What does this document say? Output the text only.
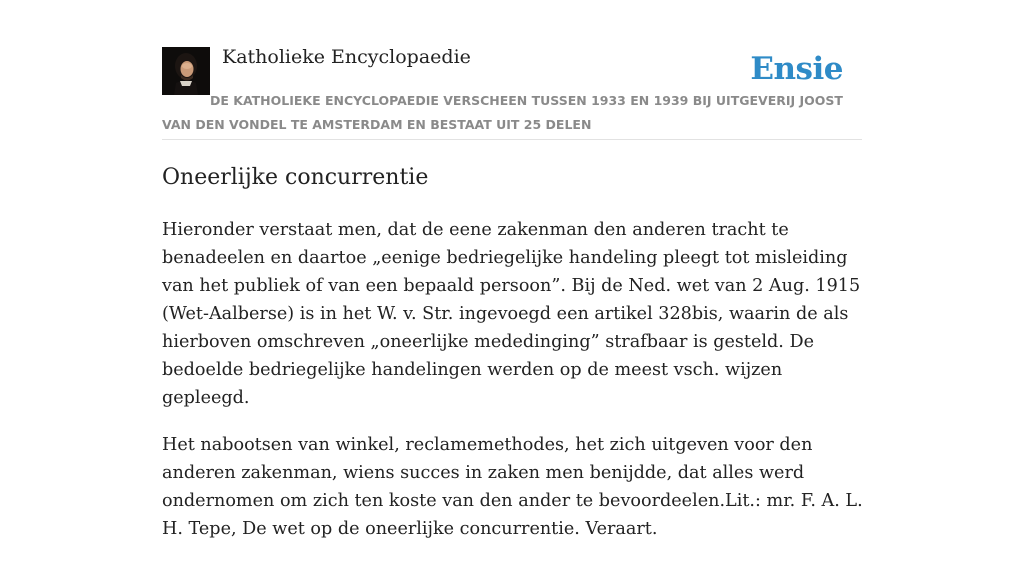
Katholieke Encyclopaedie	Ensie
DE KATHOLIEKE ENCYCLOPAEDIE VERSCHEEN TUSSEN 1933 EN 1939 BIJ UITGEVERIJ JOOST VAN DEN VONDEL TE AMSTERDAM EN BESTAAT UIT 25 DELEN
Oneerlijke concurrentie

Hieronder verstaat men, dat de eene zakenman den anderen tracht te benadeelen en daartoe „eenige bedriegelijke handeling pleegt tot misleiding van het publiek of van een bepaald persoon”. Bij de Ned. wet van 2 Aug. 1915 (Wet-Aalberse) is in het W. v. Str. ingevoegd een artikel 328bis, waarin de als hierboven omschreven „oneerlijke mededinging” strafbaar is gesteld. De bedoelde bedriegelijke handelingen werden op de meest vsch. wijzen gepleegd.

Het nabootsen van winkel, reclamemethodes, het zich uitgeven voor den anderen zakenman, wiens succes in zaken men benijdde, dat alles werd ondernomen om zich ten koste van den ander te bevoordeelen.Lit.: mr. F. A. L. H. Tepe, De wet op de oneerlijke concurrentie. Veraart.
